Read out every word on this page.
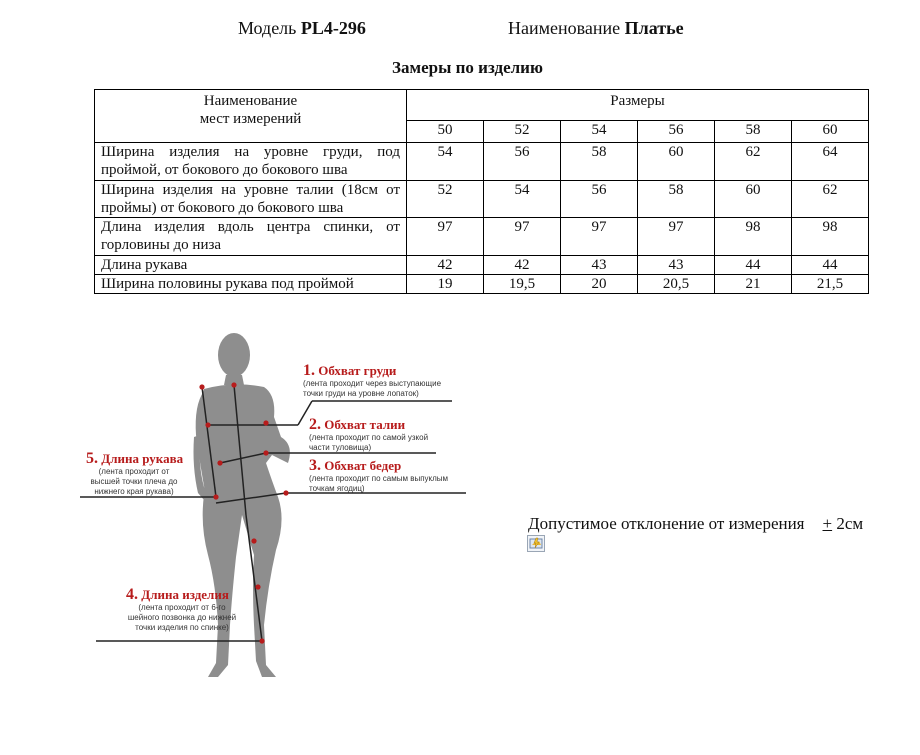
Модель PL4-296	Наименование Платье
Замеры по изделию
Наименование
мест измерений	Размеры					
	50	52	54	56	58	60
Ширина изделия на уровне груди, под проймой, от бокового до бокового шва	54	56	58	60	62	64
Ширина изделия на уровне талии (18см от проймы) от бокового до бокового шва	52	54	56	58	60	62
Длина изделия вдоль центра спинки, от горловины до низа	97	97	97	97	98	98
Длина рукава	42	42	43	43	44	44
Ширина половины рукава под проймой	19	19,5	20	20,5	21	21,5
1. Обхват груди
(лента проходит через выступающие
точки груди на уровне лопаток)
2. Обхват талии
(лента проходит по самой узкой
части туловища)
3. Обхват бедер
(лента проходит по самым выпуклым
точкам ягодиц)
5. Длина рукава
(лента проходит от
высшей точки плеча до
нижнего края рукава)
4. Длина изделия
(лента проходит от 6-го
шейного позвонка до нижней
точки изделия по спинке)
Допустимое отклонение от измерения + 2см
